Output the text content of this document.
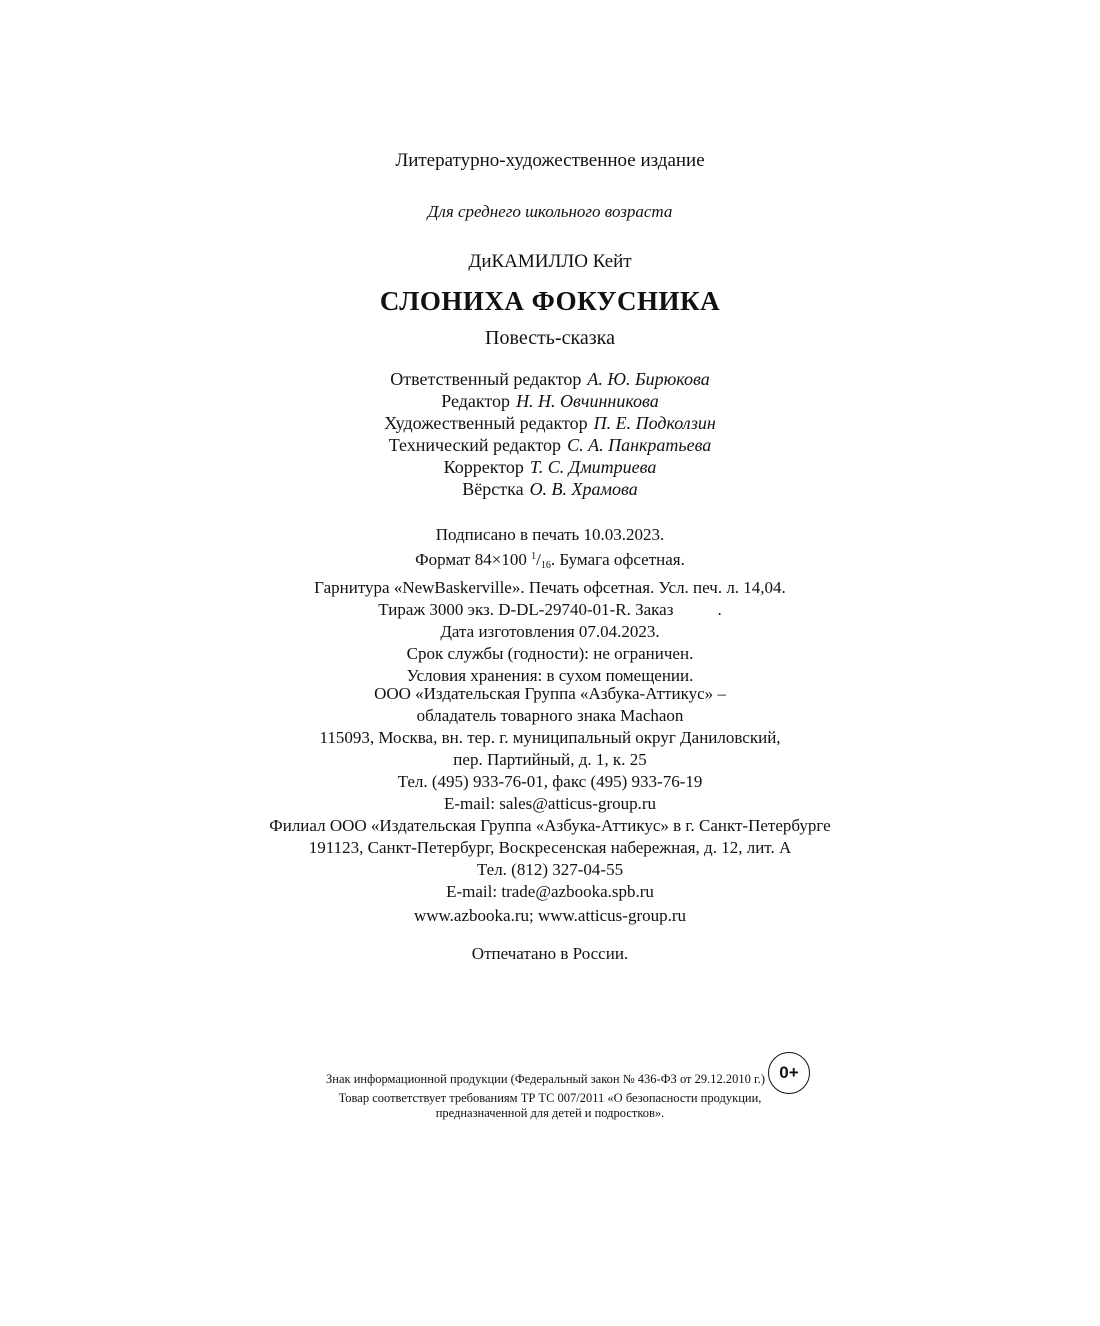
Литературно-художественное издание
Для среднего школьного возраста
ДиКАМИЛЛО Кейт
СЛОНИХА ФОКУСНИКА
Повесть-сказка
Ответственный редактор А. Ю. Бирюкова
Редактор Н. Н. Овчинникова
Художественный редактор П. Е. Подколзин
Технический редактор С. А. Панкратьева
Корректор Т. С. Дмитриева
Вёрстка О. В. Храмова
Подписано в печать 10.03.2023.
Формат 84×100 $^1/_{16}$. Бумага офсетная.
Гарнитура «NewBaskerville». Печать офсетная. Усл. печ. л. 14,04.
Тираж 3000 экз. D-DL-29740-01-R. Заказ	.
Дата изготовления 07.04.2023.
Срок службы (годности): не ограничен.
Условия хранения: в сухом помещении.
ООО «Издательская Группа «Азбука-Аттикус» –
обладатель товарного знака Machaon
115093, Москва, вн. тер. г. муниципальный округ Даниловский,
пер. Партийный, д. 1, к. 25
Тел. (495) 933-76-01, факс (495) 933-76-19
E-mail: sales@atticus-group.ru
Филиал ООО «Издательская Группа «Азбука-Аттикус» в г. Санкт-Петербурге
191123, Санкт-Петербург, Воскресенская набережная, д. 12, лит. А
Тел. (812) 327-04-55
E-mail: trade@azbooka.spb.ru
www.azbooka.ru; www.atticus-group.ru
Отпечатано в России.
Знак информационной продукции (Федеральный закон № 436-ФЗ от 29.12.2010 г.) 0+
Товар соответствует требованиям ТР ТС 007/2011 «О безопасности продукции,
предназначенной для детей и подростков».
